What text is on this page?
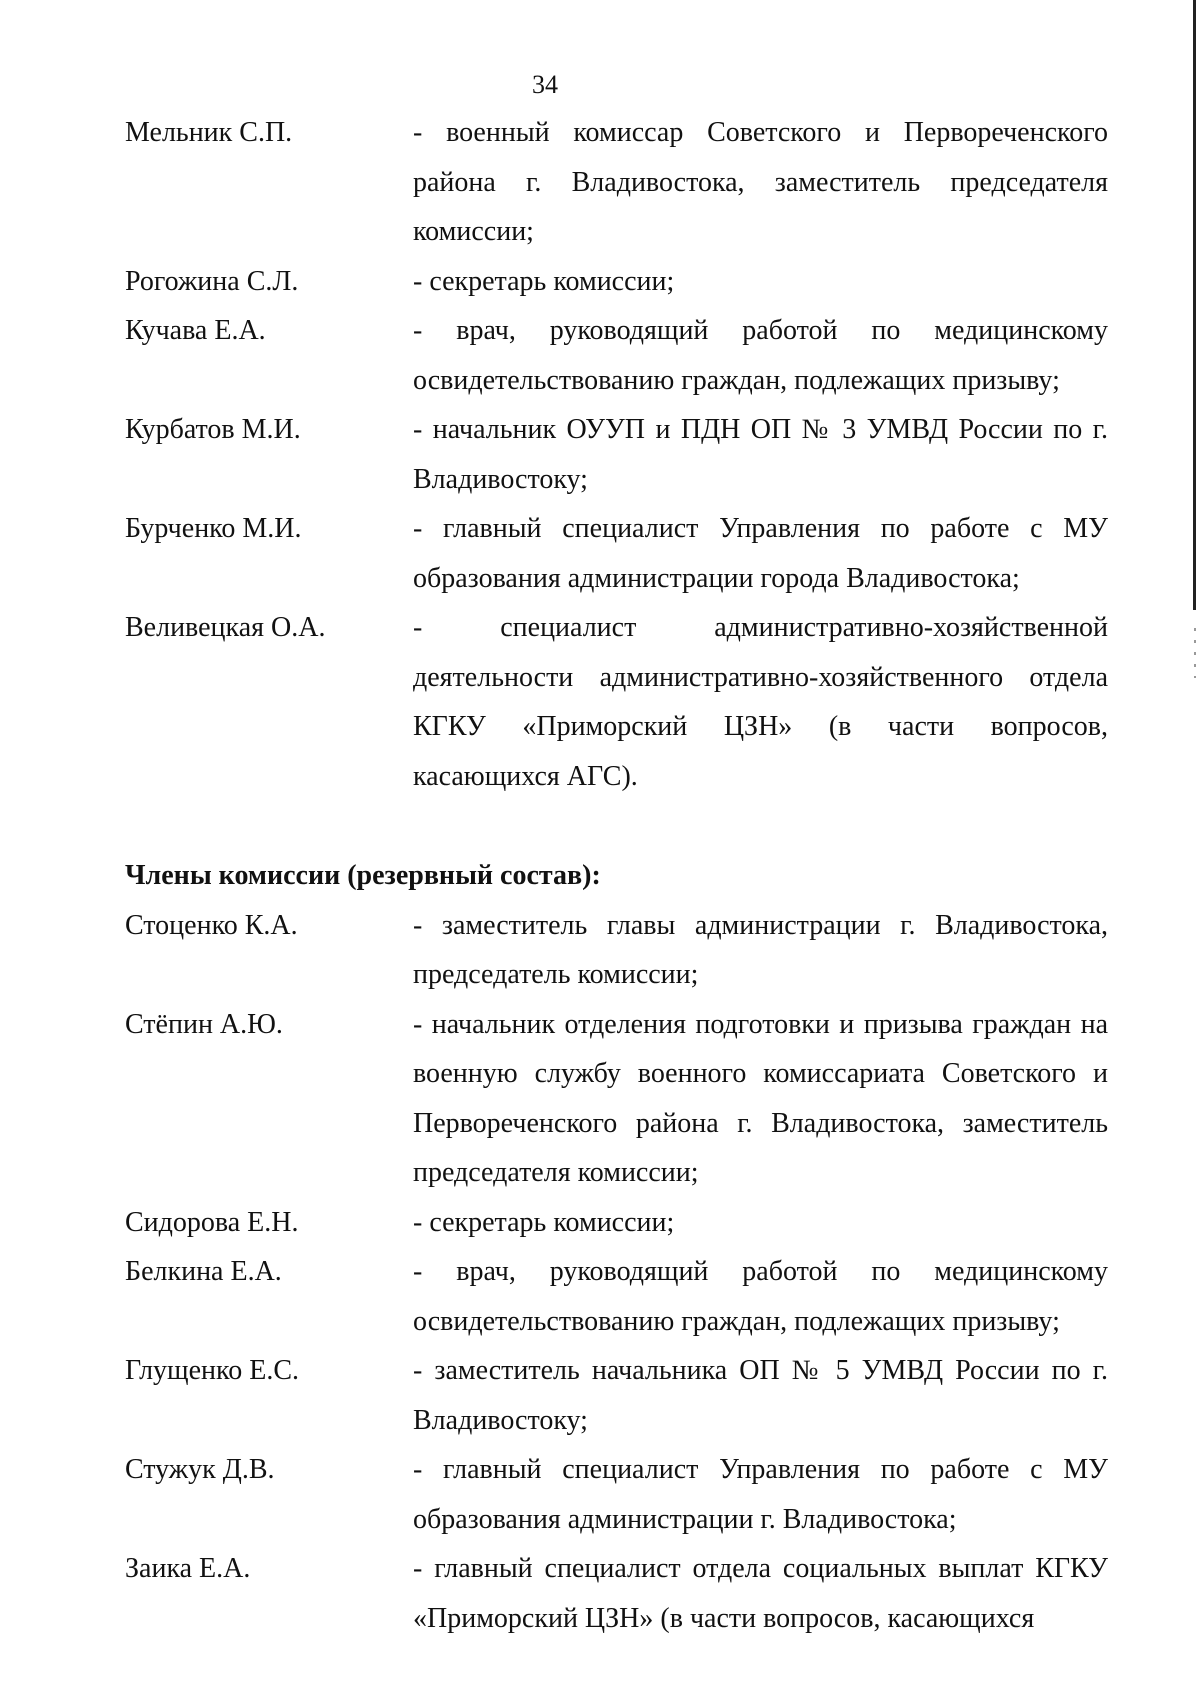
34
Мельник С.П.	- военный комиссар Советского и Первореченского района г. Владивостока, заместитель председателя комиссии;
Рогожина С.Л.	- секретарь комиссии;
Кучава Е.А.	- врач, руководящий работой по медицинскому освидетельствованию граждан, подлежащих призыву;
Курбатов М.И.	- начальник ОУУП и ПДН ОП № 3 УМВД России по г. Владивостоку;
Бурченко М.И.	- главный специалист Управления по работе с МУ образования администрации города Владивостока;
Веливецкая О.А.	- специалист административно-хозяйственной деятельности административно-хозяйственного отдела КГКУ «Приморский ЦЗН» (в части вопросов, касающихся АГС).
Члены комиссии (резервный состав):
Стоценко К.А.	- заместитель главы администрации г. Владивостока, председатель комиссии;
Стёпин А.Ю.	- начальник отделения подготовки и призыва граждан на военную службу военного комиссариата Советского и Первореченского района г. Владивостока, заместитель председателя комиссии;
Сидорова Е.Н.	- секретарь комиссии;
Белкина Е.А.	- врач, руководящий работой по медицинскому освидетельствованию граждан, подлежащих призыву;
Глущенко Е.С.	- заместитель начальника ОП № 5 УМВД России по г. Владивостоку;
Стужук Д.В.	- главный специалист Управления по работе с МУ образования администрации г. Владивостока;
Заика Е.А.	- главный специалист отдела социальных выплат КГКУ «Приморский ЦЗН» (в части вопросов, касающихся
